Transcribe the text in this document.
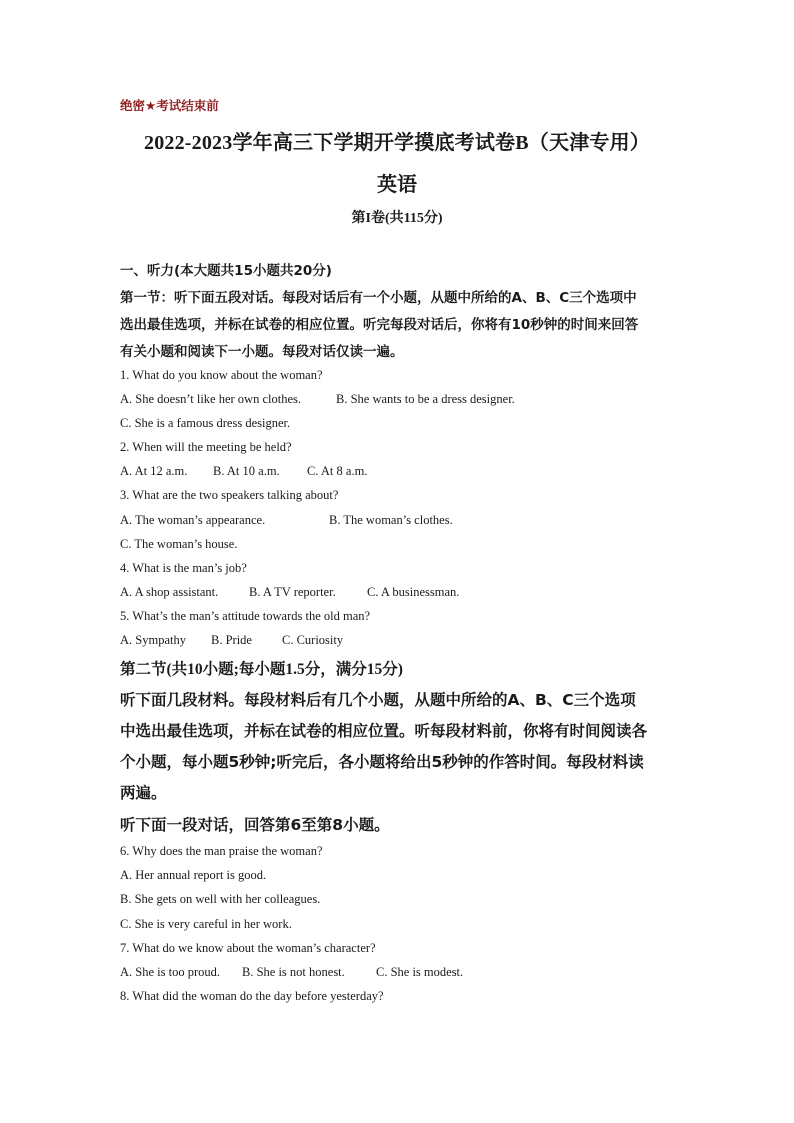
绝密★考试结束前
2022-2023学年高三下学期开学摸底考试卷B（天津专用）
英语
第I卷(共115分)
一、听力(本大题共15小题共20分)
第一节：听下面五段对话。每段对话后有一个小题，从题中所给的A、B、C三个选项中
选出最佳选项，并标在试卷的相应位置。听完每段对话后，你将有10秒钟的时间来回答
有关小题和阅读下一小题。每段对话仅读一遍。
1. What do you know about the woman?
A. She doesn’t like her own clothes.	B. She wants to be a dress designer.
C. She is a famous dress designer.
2. When will the meeting be held?
A. At 12 a.m. B. At 10 a.m. C. At 8 a.m.
3. What are the two speakers talking about?
A. The woman’s appearance.	B. The woman’s clothes.
C. The woman’s house.
4. What is the man’s job?
A. A shop assistant. B. A TV reporter.	C. A businessman.
5. What’s the man’s attitude towards the old man?
A. Sympathy B. Pride C. Curiosity
第二节(共10小题;每小题1.5分，满分15分)
听下面几段材料。每段材料后有几个小题，从题中所给的A、B、C三个选项
中选出最佳选项，并标在试卷的相应位置。听每段材料前，你将有时间阅读各
个小题，每小题5秒钟;听完后，各小题将给出5秒钟的作答时间。每段材料读
两遍。
听下面一段对话，回答第6至第8小题。
6. Why does the man praise the woman?
A. Her annual report is good.
B. She gets on well with her colleagues.
C. She is very careful in her work.
7. What do we know about the woman’s character?
A. She is too proud. B. She is not honest. C. She is modest.
8. What did the woman do the day before yesterday?
